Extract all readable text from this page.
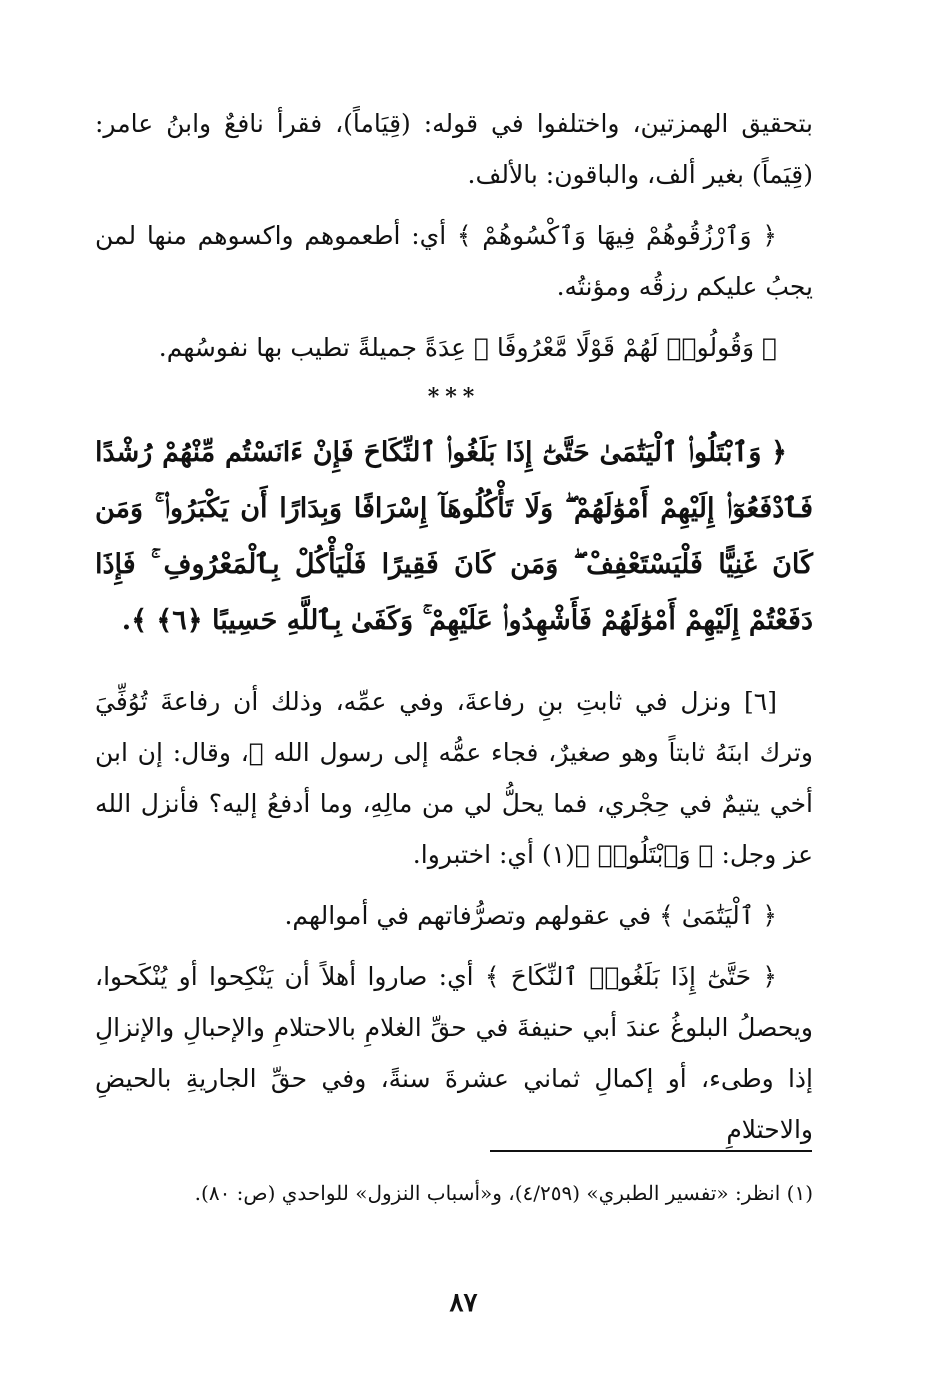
بتحقيق الهمزتين، واختلفوا في قوله: (قِيَاماً)، فقرأ نافعٌ وابنُ عامر: (قِيَماً) بغير ألف، والباقون: بالألف.

﴿ وَٱرْزُقُوهُمْ فِيهَا وَٱكْسُوهُمْ ﴾ أي: أطعموهم واكسوهم منها لمن يجبُ عليكم رزقُه ومؤنتُه.

﴿ وَقُولُوا۟ لَهُمْ قَوْلًا مَّعْرُوفًا ﴾ عِدَةً جميلةً تطيب بها نفوسُهم.

***

﴿ وَٱبْتَلُوا۟ ٱلْيَتَٰمَىٰ حَتَّىٰٓ إِذَا بَلَغُوا۟ ٱلنِّكَاحَ فَإِنْ ءَانَسْتُم مِّنْهُمْ رُشْدًا فَٱدْفَعُوٓا۟ إِلَيْهِمْ أَمْوَٰلَهُمْ ۖ وَلَا تَأْكُلُوهَآ إِسْرَافًا وَبِدَارًا أَن يَكْبَرُوا۟ ۚ وَمَن كَانَ غَنِيًّا فَلْيَسْتَعْفِفْ ۖ وَمَن كَانَ فَقِيرًا فَلْيَأْكُلْ بِٱلْمَعْرُوفِ ۚ فَإِذَا دَفَعْتُمْ إِلَيْهِمْ أَمْوَٰلَهُمْ فَأَشْهِدُوا۟ عَلَيْهِمْ ۚ وَكَفَىٰ بِٱللَّهِ حَسِيبًا ﴿٦﴾ ﴾.

[٦] ونزل في ثابتِ بنِ رفاعةَ، وفي عمِّه، وذلك أن رفاعةَ تُوُفِّيَ وترك ابنَهُ ثابتاً وهو صغيرٌ، فجاء عمُّه إلى رسول الله ﷺ، وقال: إن ابن أخي يتيمٌ في حِجْري، فما يحلُّ لي من مالِهِ، وما أدفعُ إليه؟ فأنزل الله عز وجل: ﴿ وَٱبْتَلُوا۟ ﴾(١) أي: اختبروا.

﴿ ٱلْيَتَٰمَىٰ ﴾ في عقولهم وتصرُّفاتهم في أموالهم.

﴿ حَتَّىٰٓ إِذَا بَلَغُوا۟ ٱلنِّكَاحَ ﴾ أي: صاروا أهلاً أن يَنْكِحوا أو يُنْكَحوا، ويحصلُ البلوغُ عندَ أبي حنيفةَ في حقِّ الغلامِ بالاحتلامِ والإحبالِ والإنزالِ إذا وطىء، أو إكمالِ ثماني عشرةَ سنةً، وفي حقِّ الجاريةِ بالحيضِ والاحتلامِ

(١) انظر: «تفسير الطبري» (٤/٢٥٩)، و«أسباب النزول» للواحدي (ص: ٨٠).
٨٧
